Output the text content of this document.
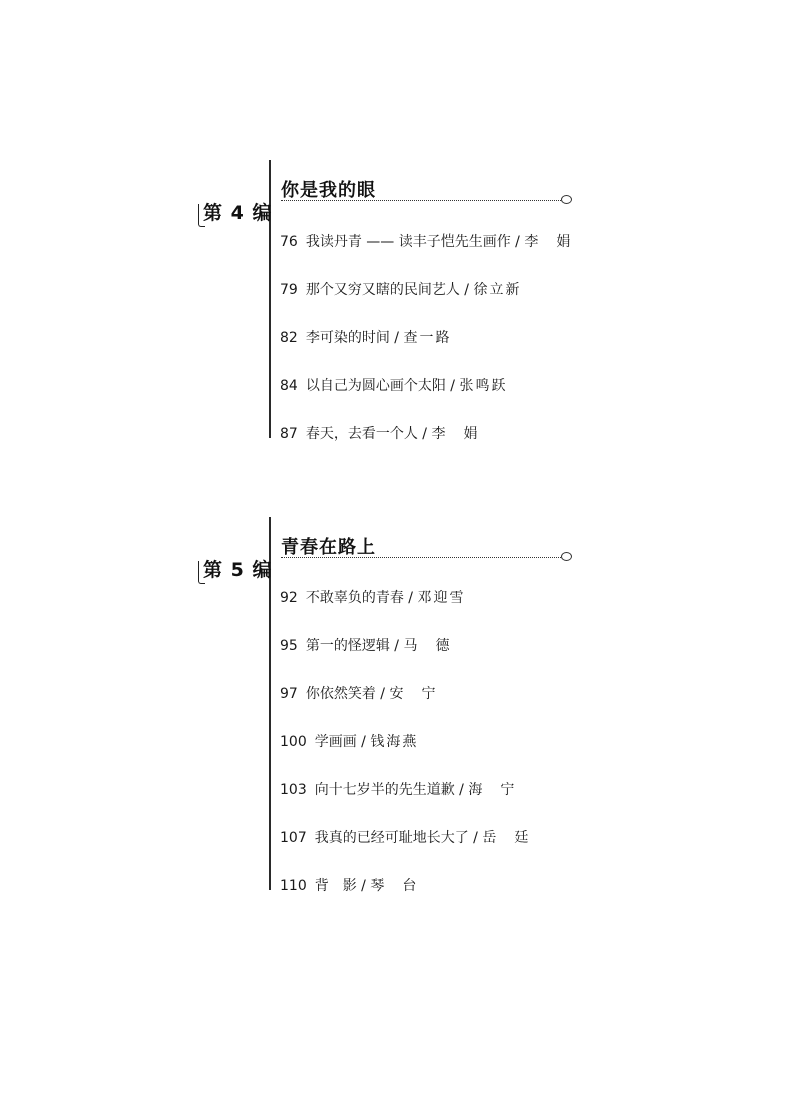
第 4 编
你是我的眼
76 我读丹青 —— 读丰子恺先生画作 / 李　娟
79 那个又穷又瞎的民间艺人 / 徐立新
82 李可染的时间 / 查一路
84 以自己为圆心画个太阳 / 张鸣跃
87 春天，去看一个人 / 李　娟
第 5 编
青春在路上
92 不敢辜负的青春 / 邓迎雪
95 第一的怪逻辑 / 马　德
97 你依然笑着 / 安　宁
100 学画画 / 钱海燕
103 向十七岁半的先生道歉 / 海　宁
107 我真的已经可耻地长大了 / 岳　廷
110 背　影 / 琴　台
